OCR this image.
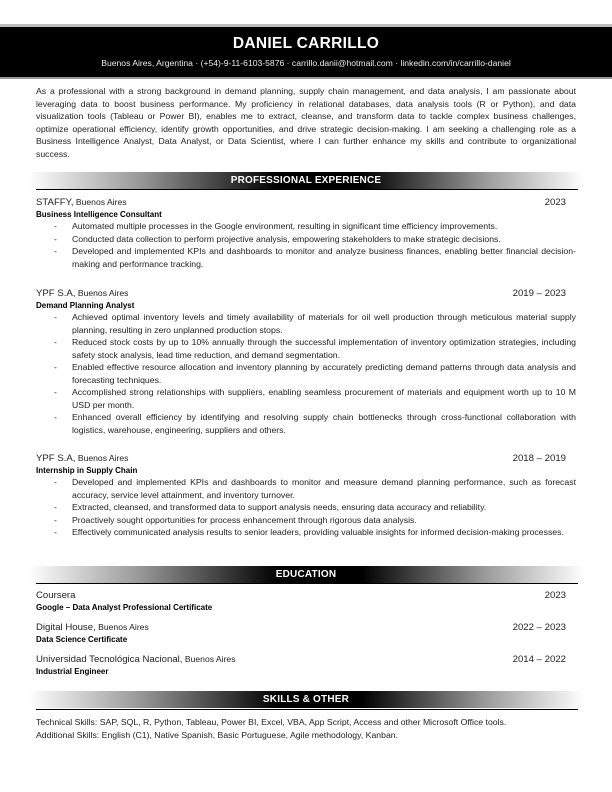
DANIEL CARRILLO
Buenos Aires, Argentina · (+54)-9-11-6103-5876 · carrillo.danii@hotmail.com · linkedin.com/in/carrillo-daniel
As a professional with a strong background in demand planning, supply chain management, and data analysis, I am passionate about leveraging data to boost business performance. My proficiency in relational databases, data analysis tools (R or Python), and data visualization tools (Tableau or Power BI), enables me to extract, cleanse, and transform data to tackle complex business challenges, optimize operational efficiency, identify growth opportunities, and drive strategic decision-making. I am seeking a challenging role as a Business Intelligence Analyst, Data Analyst, or Data Scientist, where I can further enhance my skills and contribute to organizational success.
PROFESSIONAL EXPERIENCE
STAFFY, Buenos Aires	2023
Business Intelligence Consultant
- Automated multiple processes in the Google environment, resulting in significant time efficiency improvements.
- Conducted data collection to perform projective analysis, empowering stakeholders to make strategic decisions.
- Developed and implemented KPIs and dashboards to monitor and analyze business finances, enabling better financial decision-making and performance tracking.
YPF S.A, Buenos Aires	2019 – 2023
Demand Planning Analyst
- Achieved optimal inventory levels and timely availability of materials for oil well production through meticulous material supply planning, resulting in zero unplanned production stops.
- Reduced stock costs by up to 10% annually through the successful implementation of inventory optimization strategies, including safety stock analysis, lead time reduction, and demand segmentation.
- Enabled effective resource allocation and inventory planning by accurately predicting demand patterns through data analysis and forecasting techniques.
- Accomplished strong relationships with suppliers, enabling seamless procurement of materials and equipment worth up to 10 M USD per month.
- Enhanced overall efficiency by identifying and resolving supply chain bottlenecks through cross-functional collaboration with logistics, warehouse, engineering, suppliers and others.
YPF S.A, Buenos Aires	2018 – 2019
Internship in Supply Chain
- Developed and implemented KPIs and dashboards to monitor and measure demand planning performance, such as forecast accuracy, service level attainment, and inventory turnover.
- Extracted, cleansed, and transformed data to support analysis needs, ensuring data accuracy and reliability.
- Proactively sought opportunities for process enhancement through rigorous data analysis.
- Effectively communicated analysis results to senior leaders, providing valuable insights for informed decision-making processes.
EDUCATION
Coursera	2023
Google – Data Analyst Professional Certificate
Digital House, Buenos Aires	2022 – 2023
Data Science Certificate
Universidad Tecnológica Nacional, Buenos Aires	2014 – 2022
Industrial Engineer
SKILLS & OTHER
Technical Skills: SAP, SQL, R, Python, Tableau, Power BI, Excel, VBA, App Script, Access and other Microsoft Office tools.
Additional Skills: English (C1), Native Spanish, Basic Portuguese, Agile methodology, Kanban.
